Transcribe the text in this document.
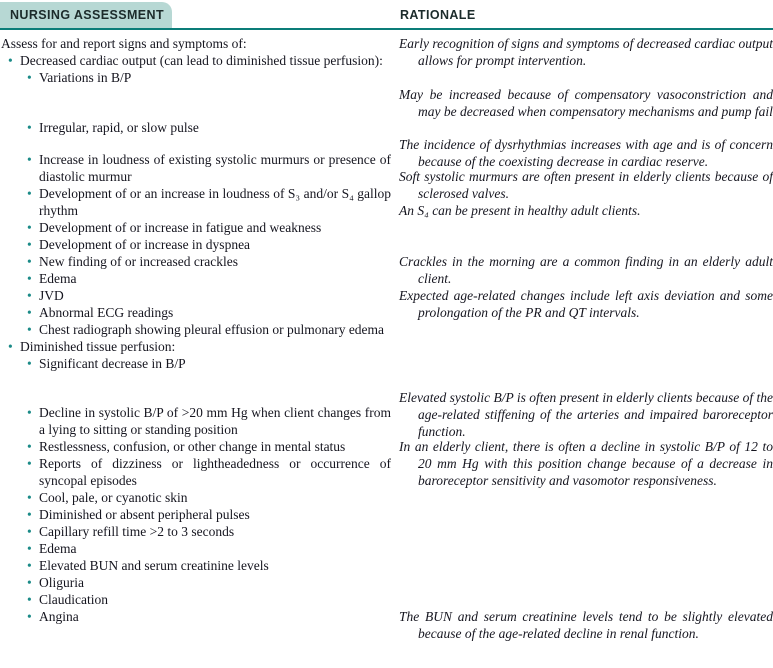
NURSING ASSESSMENT	RATIONALE
Assess for and report signs and symptoms of:
• Decreased cardiac output (can lead to diminished tissue perfusion):
• Variations in B/P
• Irregular, rapid, or slow pulse
• Increase in loudness of existing systolic murmurs or presence of diastolic murmur
• Development of or an increase in loudness of S₃ and/or S₄ gallop rhythm
• Development of or increase in fatigue and weakness
• Development of or increase in dyspnea
• New finding of or increased crackles
• Edema
• JVD
• Abnormal ECG readings
• Chest radiograph showing pleural effusion or pulmonary edema
• Diminished tissue perfusion:
• Significant decrease in B/P
• Decline in systolic B/P of >20 mm Hg when client changes from a lying to sitting or standing position
• Restlessness, confusion, or other change in mental status
• Reports of dizziness or lightheadedness or occurrence of syncopal episodes
• Cool, pale, or cyanotic skin
• Diminished or absent peripheral pulses
• Capillary refill time >2 to 3 seconds
• Edema
• Elevated BUN and serum creatinine levels
• Oliguria
• Claudication
• Angina
Early recognition of signs and symptoms of decreased cardiac output allows for prompt intervention.
May be increased because of compensatory vasoconstriction and may be decreased when compensatory mechanisms and pump fail
The incidence of dysrhythmias increases with age and is of concern because of the coexisting decrease in cardiac reserve.
Soft systolic murmurs are often present in elderly clients because of sclerosed valves.
An S₄ can be present in healthy adult clients.
Crackles in the morning are a common finding in an elderly adult client.
Expected age-related changes include left axis deviation and some prolongation of the PR and QT intervals.
Elevated systolic B/P is often present in elderly clients because of the age-related stiffening of the arteries and impaired baroreceptor function.
In an elderly client, there is often a decline in systolic B/P of 12 to 20 mm Hg with this position change because of a decrease in baroreceptor sensitivity and vasomotor responsiveness.
The BUN and serum creatinine levels tend to be slightly elevated because of the age-related decline in renal function.
